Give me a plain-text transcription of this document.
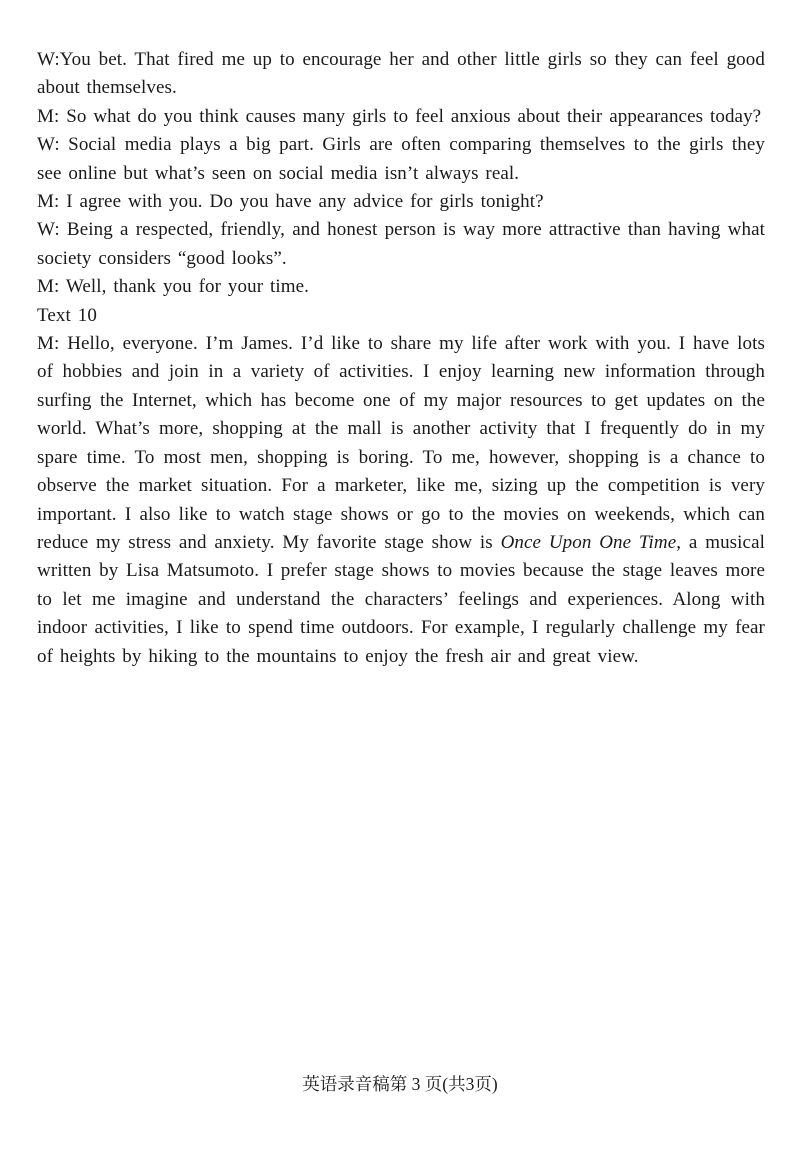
W:You bet. That fired me up to encourage her and other little girls so they can feel good about themselves.

M: So what do you think causes many girls to feel anxious about their appearances today?

W: Social media plays a big part. Girls are often comparing themselves to the girls they see online but what’s seen on social media isn’t always real.

M: I agree with you. Do you have any advice for girls tonight?

W: Being a respected, friendly, and honest person is way more attractive than having what society considers “good looks”.

M: Well, thank you for your time.

Text 10

M: Hello, everyone. I’m James. I’d like to share my life after work with you. I have lots of hobbies and join in a variety of activities. I enjoy learning new information through surfing the Internet, which has become one of my major resources to get updates on the world. What’s more, shopping at the mall is another activity that I frequently do in my spare time. To most men, shopping is boring. To me, however, shopping is a chance to observe the market situation. For a marketer, like me, sizing up the competition is very important. I also like to watch stage shows or go to the movies on weekends, which can reduce my stress and anxiety. My favorite stage show is Once Upon One Time, a musical written by Lisa Matsumoto. I prefer stage shows to movies because the stage leaves more to let me imagine and understand the characters’ feelings and experiences. Along with indoor activities, I like to spend time outdoors. For example, I regularly challenge my fear of heights by hiking to the mountains to enjoy the fresh air and great view.

英语录音稿第 3 页(共3页)
